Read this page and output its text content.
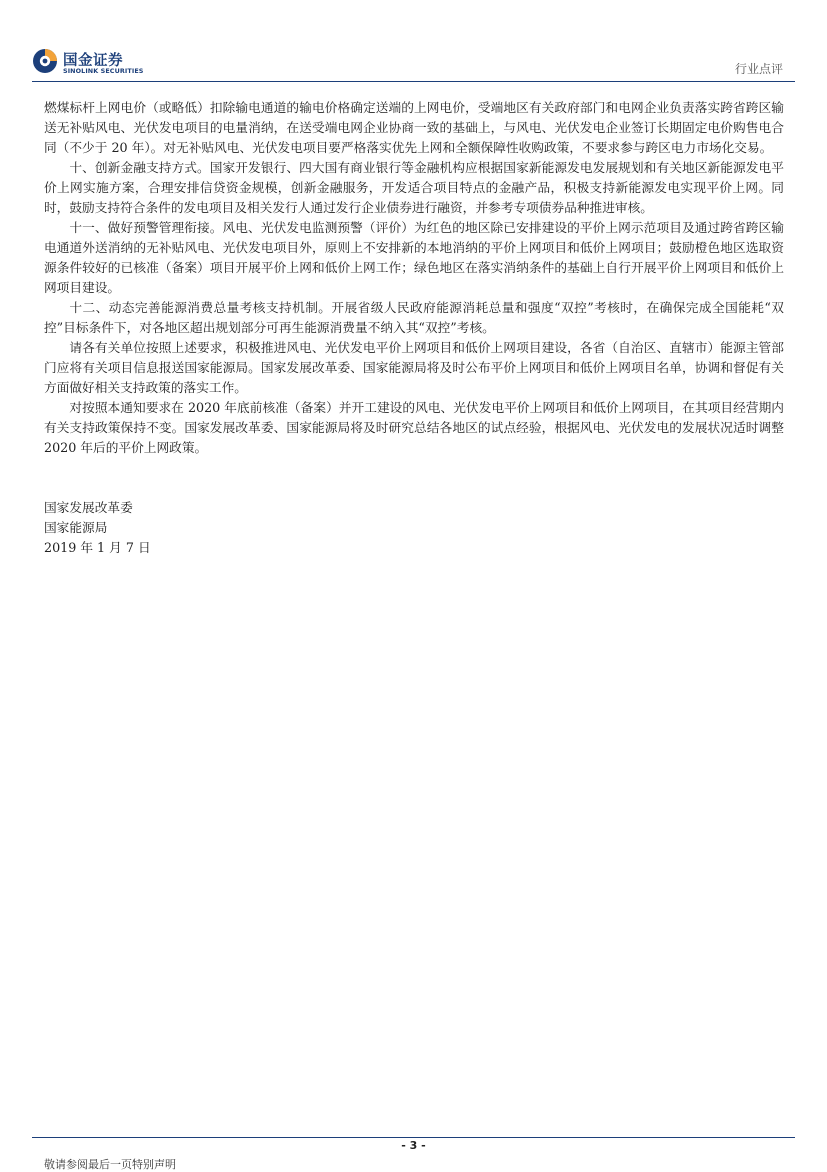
国金证券
SINOLINK SECURITIES	行业点评

燃煤标杆上网电价（或略低）扣除输电通道的输电价格确定送端的上网电价，受端地区有关政府部门和电网企业负责落实跨省跨区输送无补贴风电、光伏发电项目的电量消纳，在送受端电网企业协商一致的基础上，与风电、光伏发电企业签订长期固定电价购售电合同（不少于 20 年）。对无补贴风电、光伏发电项目要严格落实优先上网和全额保障性收购政策，不要求参与跨区电力市场化交易。

十、创新金融支持方式。国家开发银行、四大国有商业银行等金融机构应根据国家新能源发电发展规划和有关地区新能源发电平价上网实施方案，合理安排信贷资金规模，创新金融服务，开发适合项目特点的金融产品，积极支持新能源发电实现平价上网。同时，鼓励支持符合条件的发电项目及相关发行人通过发行企业债券进行融资，并参考专项债券品种推进审核。

十一、做好预警管理衔接。风电、光伏发电监测预警（评价）为红色的地区除已安排建设的平价上网示范项目及通过跨省跨区输电通道外送消纳的无补贴风电、光伏发电项目外，原则上不安排新的本地消纳的平价上网项目和低价上网项目；鼓励橙色地区选取资源条件较好的已核准（备案）项目开展平价上网和低价上网工作；绿色地区在落实消纳条件的基础上自行开展平价上网项目和低价上网项目建设。

十二、动态完善能源消费总量考核支持机制。开展省级人民政府能源消耗总量和强度“双控”考核时，在确保完成全国能耗“双控”目标条件下，对各地区超出规划部分可再生能源消费量不纳入其“双控”考核。

请各有关单位按照上述要求，积极推进风电、光伏发电平价上网项目和低价上网项目建设，各省（自治区、直辖市）能源主管部门应将有关项目信息报送国家能源局。国家发展改革委、国家能源局将及时公布平价上网项目和低价上网项目名单，协调和督促有关方面做好相关支持政策的落实工作。

对按照本通知要求在 2020 年底前核准（备案）并开工建设的风电、光伏发电平价上网项目和低价上网项目，在其项目经营期内有关支持政策保持不变。国家发展改革委、国家能源局将及时研究总结各地区的试点经验，根据风电、光伏发电的发展状况适时调整 2020 年后的平价上网政策。

国家发展改革委
国家能源局
2019 年 1 月 7 日
- 3 -
敬请参阅最后一页特别声明
